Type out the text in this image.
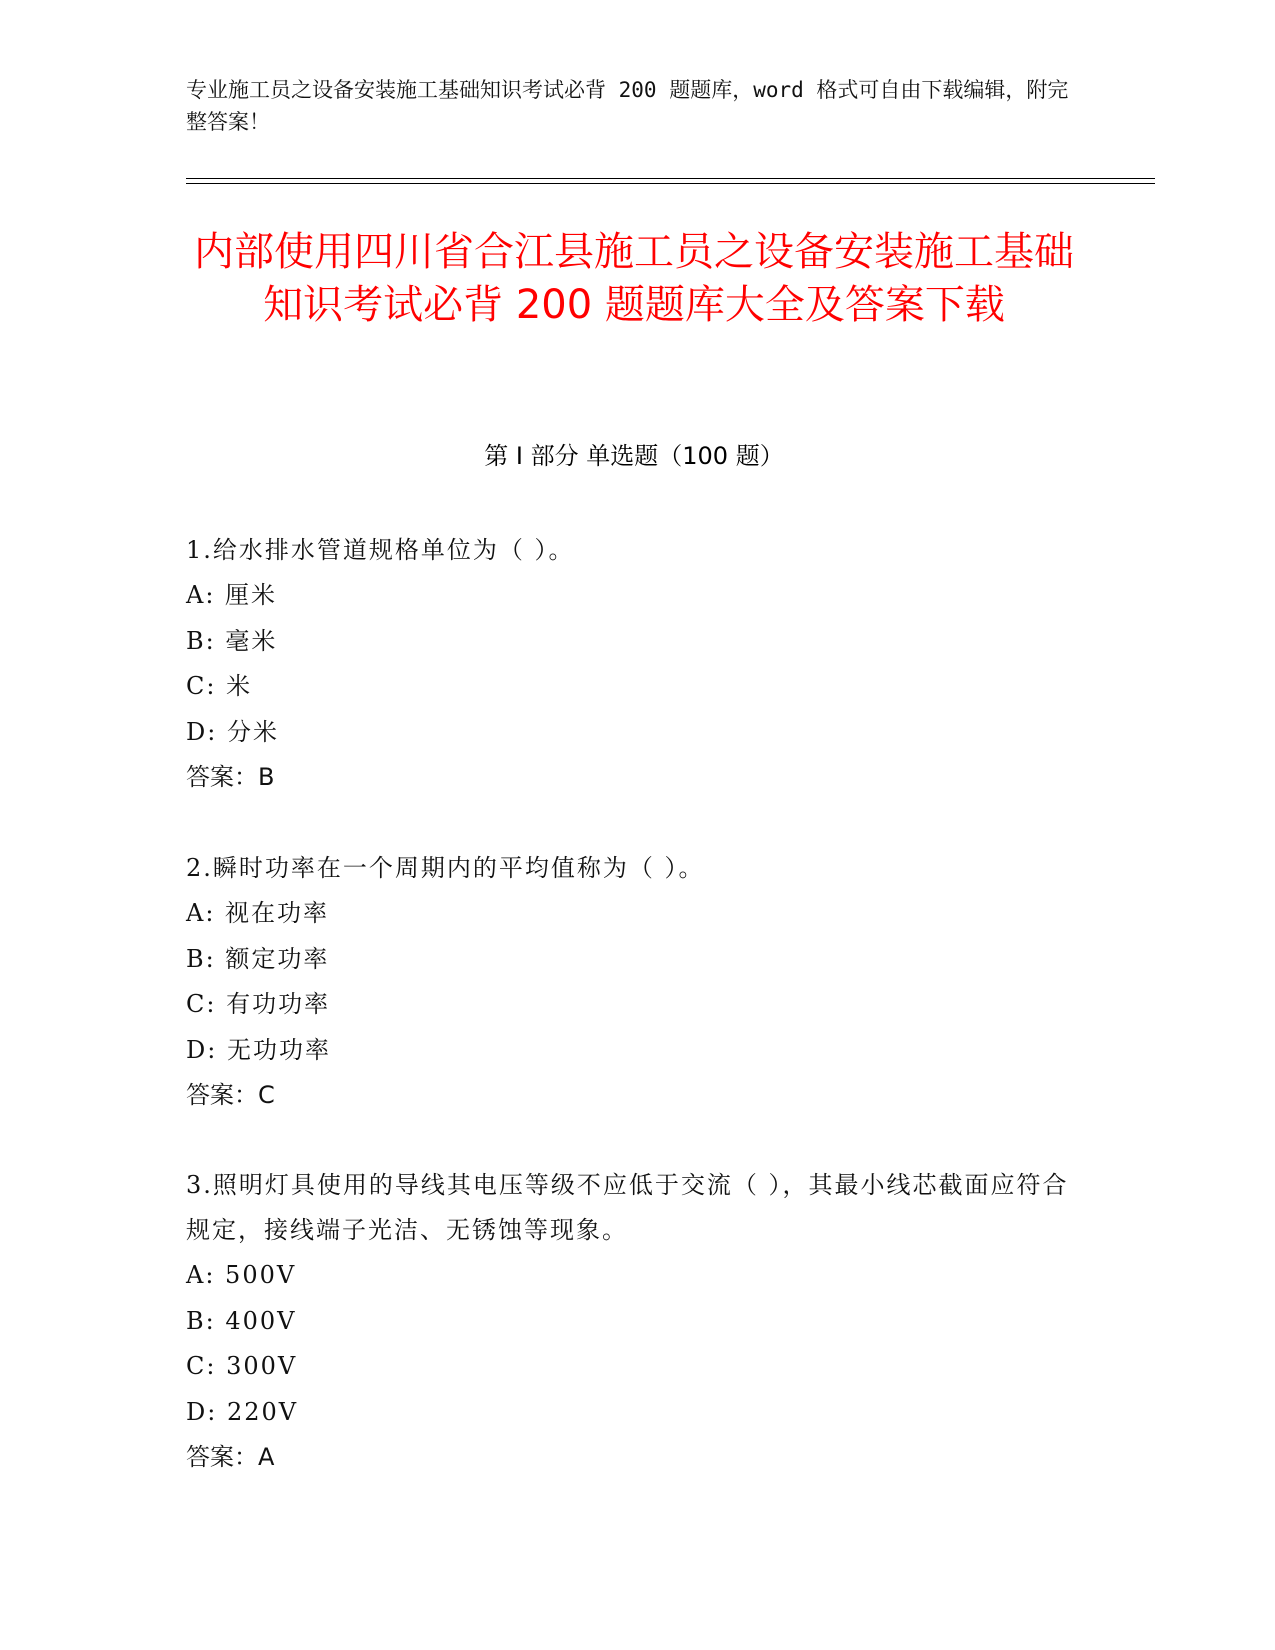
专业施工员之设备安装施工基础知识考试必背 200 题题库，word 格式可自由下载编辑，附完整答案！
内部使用四川省合江县施工员之设备安装施工基础知识考试必背 200 题题库大全及答案下载
第 I 部分 单选题（100 题）
1.给水排水管道规格单位为（ ）。
A: 厘米
B: 毫米
C: 米
D: 分米
答案：B
2.瞬时功率在一个周期内的平均值称为（ ）。
A: 视在功率
B: 额定功率
C: 有功功率
D: 无功功率
答案：C
3.照明灯具使用的导线其电压等级不应低于交流（ ），其最小线芯截面应符合规定，接线端子光洁、无锈蚀等现象。
A: 500V
B: 400V
C: 300V
D: 220V
答案：A
